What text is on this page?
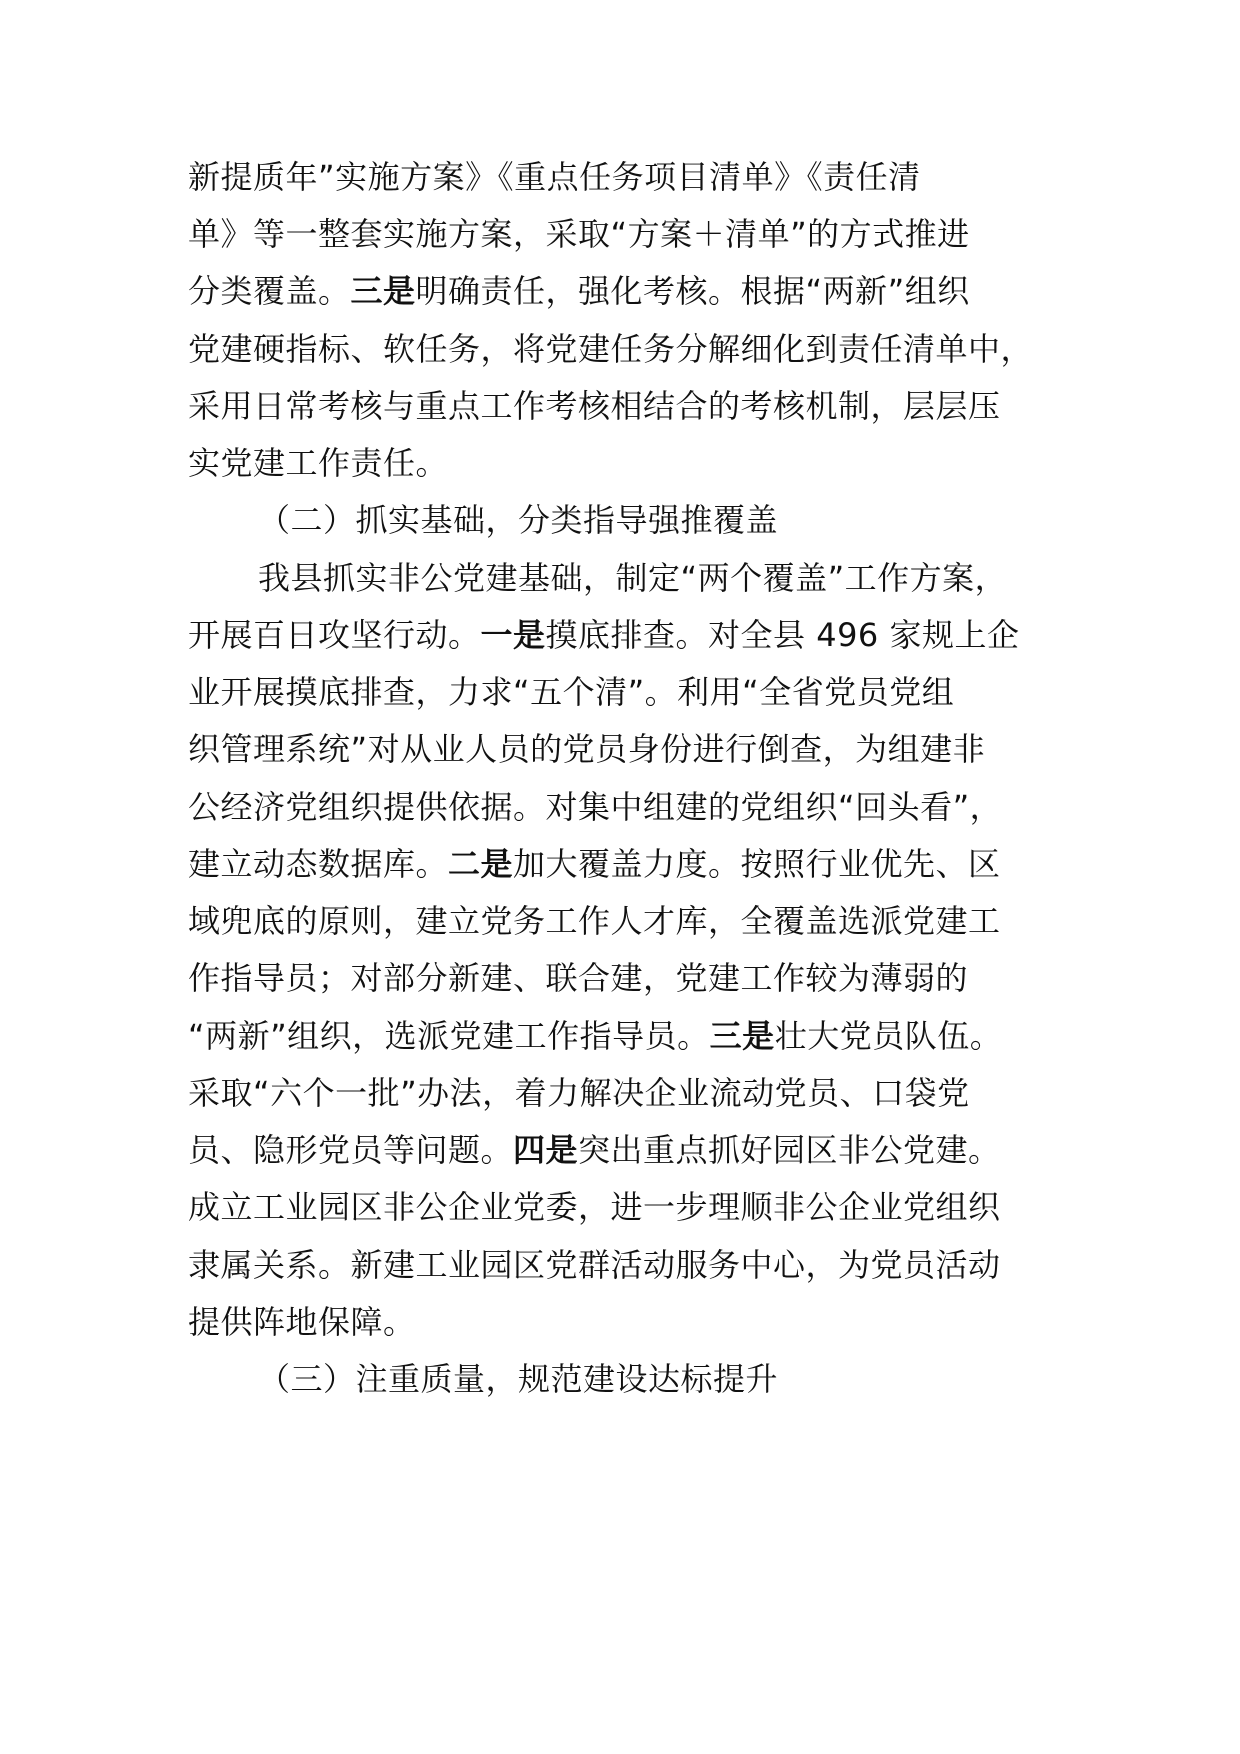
新提质年”实施方案》《重点任务项目清单》《责任清
单》等一整套实施方案，采取“方案＋清单”的方式推进
分类覆盖。三是明确责任，强化考核。根据“两新”组织
党建硬指标、软任务，将党建任务分解细化到责任清单中，
采用日常考核与重点工作考核相结合的考核机制，层层压
实党建工作责任。
（二）抓实基础，分类指导强推覆盖
我县抓实非公党建基础，制定“两个覆盖”工作方案，
开展百日攻坚行动。一是摸底排查。对全县 496 家规上企
业开展摸底排查，力求“五个清”。利用“全省党员党组
织管理系统”对从业人员的党员身份进行倒查，为组建非
公经济党组织提供依据。对集中组建的党组织“回头看”，
建立动态数据库。二是加大覆盖力度。按照行业优先、区
域兜底的原则，建立党务工作人才库，全覆盖选派党建工
作指导员；对部分新建、联合建，党建工作较为薄弱的
“两新”组织，选派党建工作指导员。三是壮大党员队伍。
采取“六个一批”办法，着力解决企业流动党员、口袋党
员、隐形党员等问题。四是突出重点抓好园区非公党建。
成立工业园区非公企业党委，进一步理顺非公企业党组织
隶属关系。新建工业园区党群活动服务中心，为党员活动
提供阵地保障。
（三）注重质量，规范建设达标提升
